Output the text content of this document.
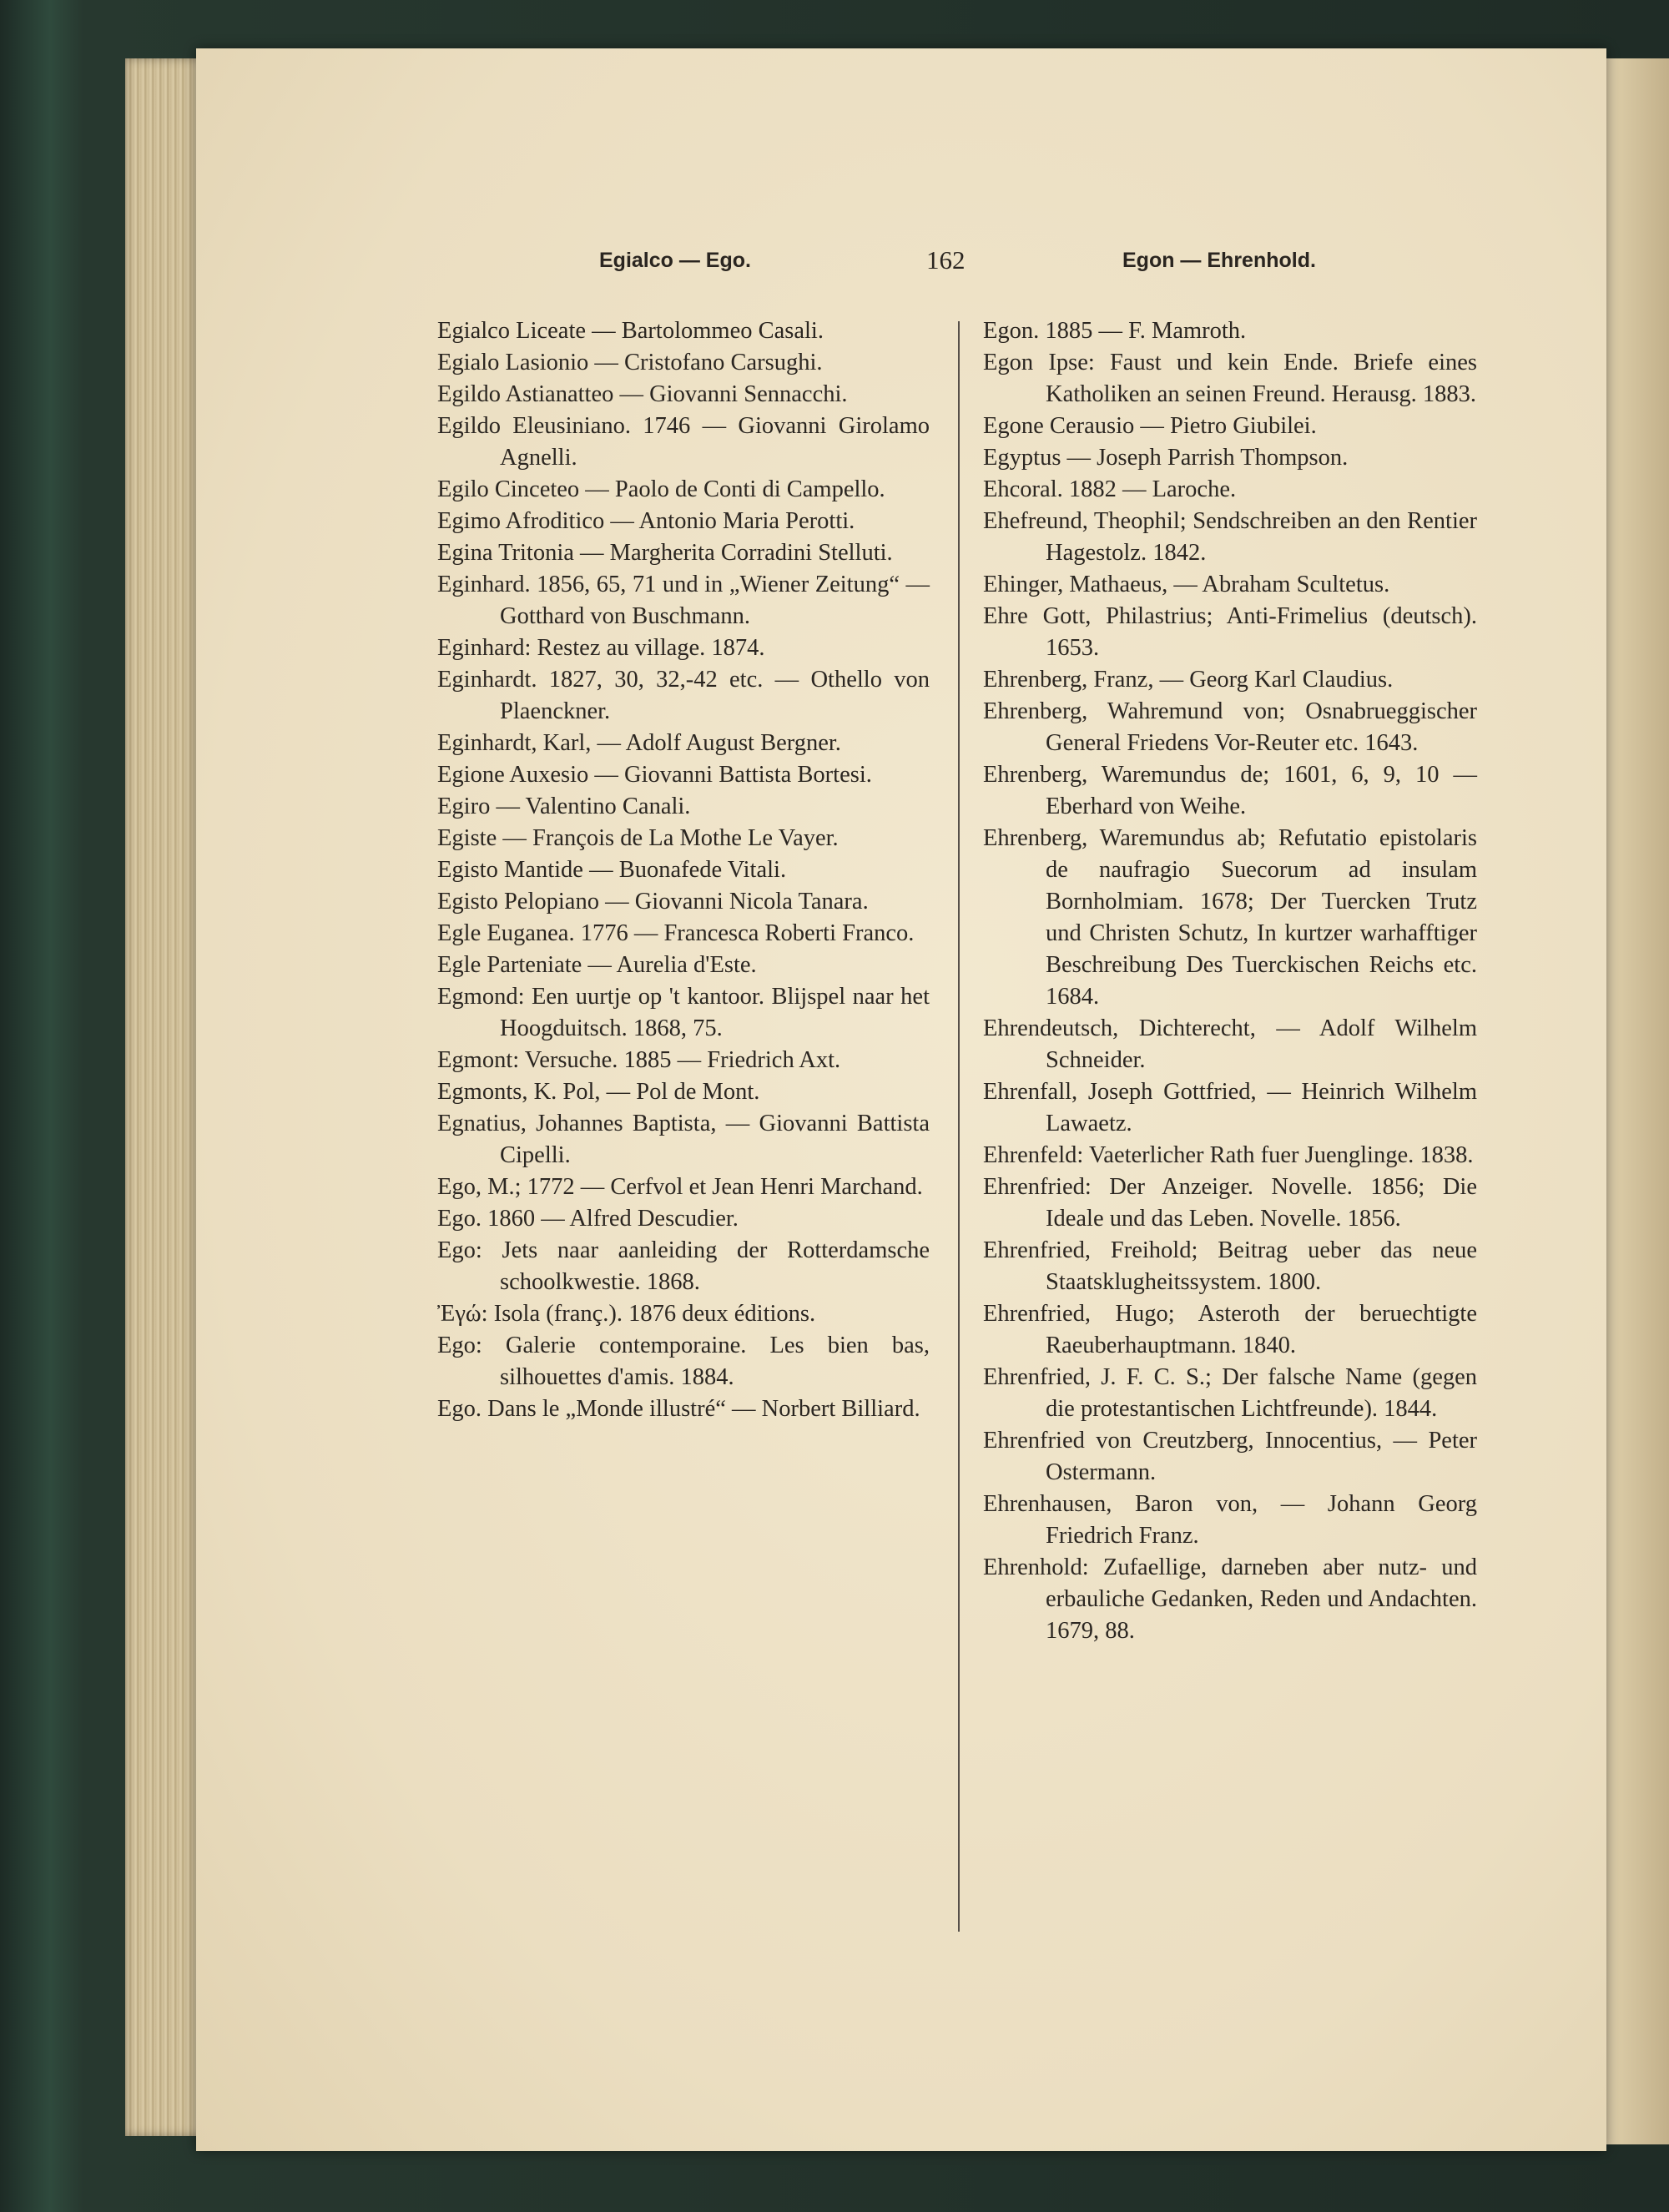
Egialco — Ego.	162	Egon — Ehrenhold.

Egialco Liceate — Bartolommeo Casali.

Egialo Lasionio — Cristofano Carsughi.

Egildo Astianatteo — Giovanni Sennacchi.

Egildo Eleusiniano. 1746 — Giovanni Girolamo Agnelli.

Egilo Cinceteo — Paolo de Conti di Campello.

Egimo Afroditico — Antonio Maria Perotti.

Egina Tritonia — Margherita Corradini Stelluti.

Eginhard. 1856, 65, 71 und in „Wiener Zeitung“ — Gotthard von Buschmann.

Eginhard: Restez au village. 1874.

Eginhardt. 1827, 30, 32,-42 etc. — Othello von Plaenckner.

Eginhardt, Karl, — Adolf August Bergner.

Egione Auxesio — Giovanni Battista Bortesi.

Egiro — Valentino Canali.

Egiste — François de La Mothe Le Vayer.

Egisto Mantide — Buonafede Vitali.

Egisto Pelopiano — Giovanni Nicola Tanara.

Egle Euganea. 1776 — Francesca Roberti Franco.

Egle Parteniate — Aurelia d'Este.

Egmond: Een uurtje op 't kantoor. Blijspel naar het Hoogduitsch. 1868, 75.

Egmont: Versuche. 1885 — Friedrich Axt.

Egmonts, K. Pol, — Pol de Mont.

Egnatius, Johannes Baptista, — Giovanni Battista Cipelli.

Ego, M.; 1772 — Cerfvol et Jean Henri Marchand.

Ego. 1860 — Alfred Descudier.

Ego: Jets naar aanleiding der Rotterdamsche schoolkwestie. 1868.

Ἐγώ: Isola (franç.). 1876 deux éditions.

Ego: Galerie contemporaine. Les bien bas, silhouettes d'amis. 1884.

Ego. Dans le „Monde illustré“ — Norbert Billiard.

Egon. 1885 — F. Mamroth.

Egon Ipse: Faust und kein Ende. Briefe eines Katholiken an seinen Freund. Herausg. 1883.

Egone Cerausio — Pietro Giubilei.

Egyptus — Joseph Parrish Thompson.

Ehcoral. 1882 — Laroche.

Ehefreund, Theophil; Sendschreiben an den Rentier Hagestolz. 1842.

Ehinger, Mathaeus, — Abraham Scultetus.

Ehre Gott, Philastrius; Anti-Frimelius (deutsch). 1653.

Ehrenberg, Franz, — Georg Karl Claudius.

Ehrenberg, Wahremund von; Osnabrueggischer General Friedens Vor-Reuter etc. 1643.

Ehrenberg, Waremundus de; 1601, 6, 9, 10 — Eberhard von Weihe.

Ehrenberg, Waremundus ab; Refutatio epistolaris de naufragio Suecorum ad insulam Bornholmiam. 1678; Der Tuercken Trutz und Christen Schutz, In kurtzer warhafftiger Beschreibung Des Tuerckischen Reichs etc. 1684.

Ehrendeutsch, Dichterecht, — Adolf Wilhelm Schneider.

Ehrenfall, Joseph Gottfried, — Heinrich Wilhelm Lawaetz.

Ehrenfeld: Vaeterlicher Rath fuer Juenglinge. 1838.

Ehrenfried: Der Anzeiger. Novelle. 1856; Die Ideale und das Leben. Novelle. 1856.

Ehrenfried, Freihold; Beitrag ueber das neue Staatsklugheitssystem. 1800.

Ehrenfried, Hugo; Asteroth der beruechtigte Raeuberhauptmann. 1840.

Ehrenfried, J. F. C. S.; Der falsche Name (gegen die protestantischen Lichtfreunde). 1844.

Ehrenfried von Creutzberg, Innocentius, — Peter Ostermann.

Ehrenhausen, Baron von, — Johann Georg Friedrich Franz.

Ehrenhold: Zufaellige, darneben aber nutz- und erbauliche Gedanken, Reden und Andachten. 1679, 88.
